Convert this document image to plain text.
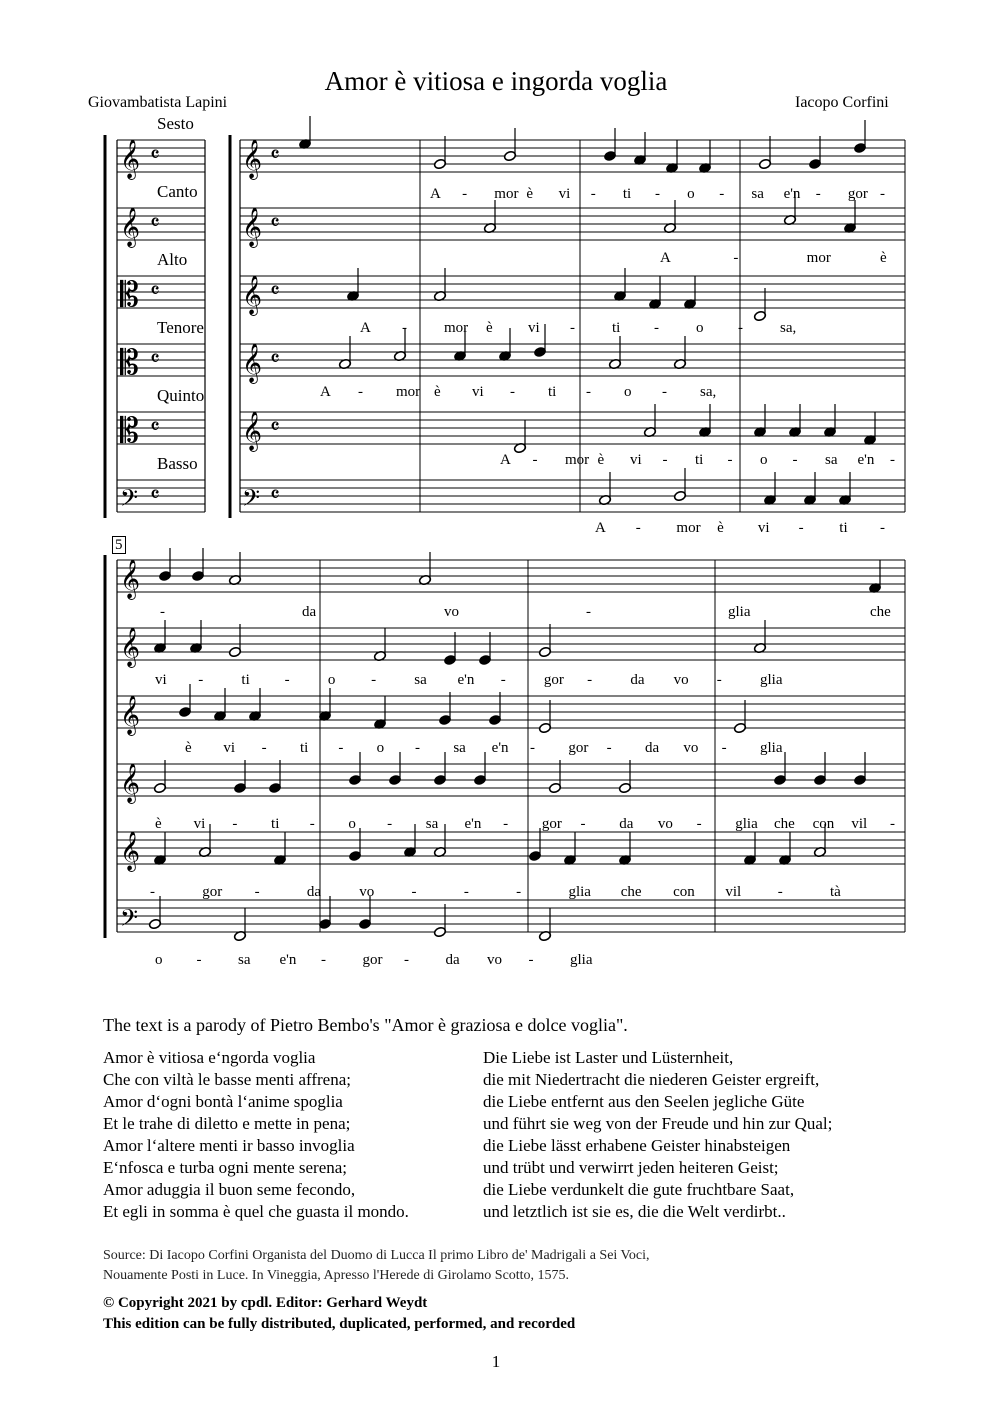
Amor è vitiosa e ingorda voglia
Giovambatista Lapini	Iacopo Corfini
Sesto
Canto
Alto
Tenore
Quinto
Basso
𝄞	𝄞
𝄴	𝄴
𝄞	𝄞
𝄴	𝄴
𝄡	𝄞
𝄴	𝄴
𝄡	𝄞
𝄴	𝄴
𝄡	𝄞
𝄴	𝄴
𝄢	𝄢
𝄴	𝄴
𝄞
𝄞
𝄞
𝄞
𝄞
𝄢
A - mor è vi - ti - o - sa e'n - gor -
A	-	mor	è
A - mor è vi - ti - o - sa,
A - mor è vi - ti - o - sa,
A - mor è vi - ti - o - sa e'n -
A - mor è vi - ti -
-	da	vo	-	glia	che
vi -	ti -	o -	sa e'n -	gor -	da vo -	glia
è vi - ti - o - sa e'n - gor - da vo - glia
è vi - ti - o - sa e'n - gor - da vo - glia che con vil -
-	gor -	da	vo -	-	-	glia che con vil -	tà
o - sa e'n - gor - da vo - glia
5
The text is a parody of Pietro Bembo's "Amor è graziosa e dolce voglia".
Amor è vitiosa e‘ngorda voglia
Che con viltà le basse menti affrena;
Amor d‘ogni bontà l‘anime spoglia
Et le trahe di diletto e mette in pena;
Amor l‘altere menti ir basso invoglia
E‘nfosca e turba ogni mente serena;
Amor aduggia il buon seme fecondo,
Et egli in somma è quel che guasta il mondo.
Die Liebe ist Laster und Lüsternheit,
die mit Niedertracht die niederen Geister ergreift,
die Liebe entfernt aus den Seelen jegliche Güte
und führt sie weg von der Freude und hin zur Qual;
die Liebe lässt erhabene Geister hinabsteigen
und trübt und verwirrt jeden heiteren Geist;
die Liebe verdunkelt die gute fruchtbare Saat,
und letztlich ist sie es, die die Welt verdirbt..
Source: Di Iacopo Corfini Organista del Duomo di Lucca Il primo Libro de' Madrigali a Sei Voci,
Nouamente Posti in Luce. In Vineggia, Apresso l'Herede di Girolamo Scotto, 1575.
© Copyright 2021 by cpdl. Editor: Gerhard Weydt
This edition can be fully distributed, duplicated, performed, and recorded
1
